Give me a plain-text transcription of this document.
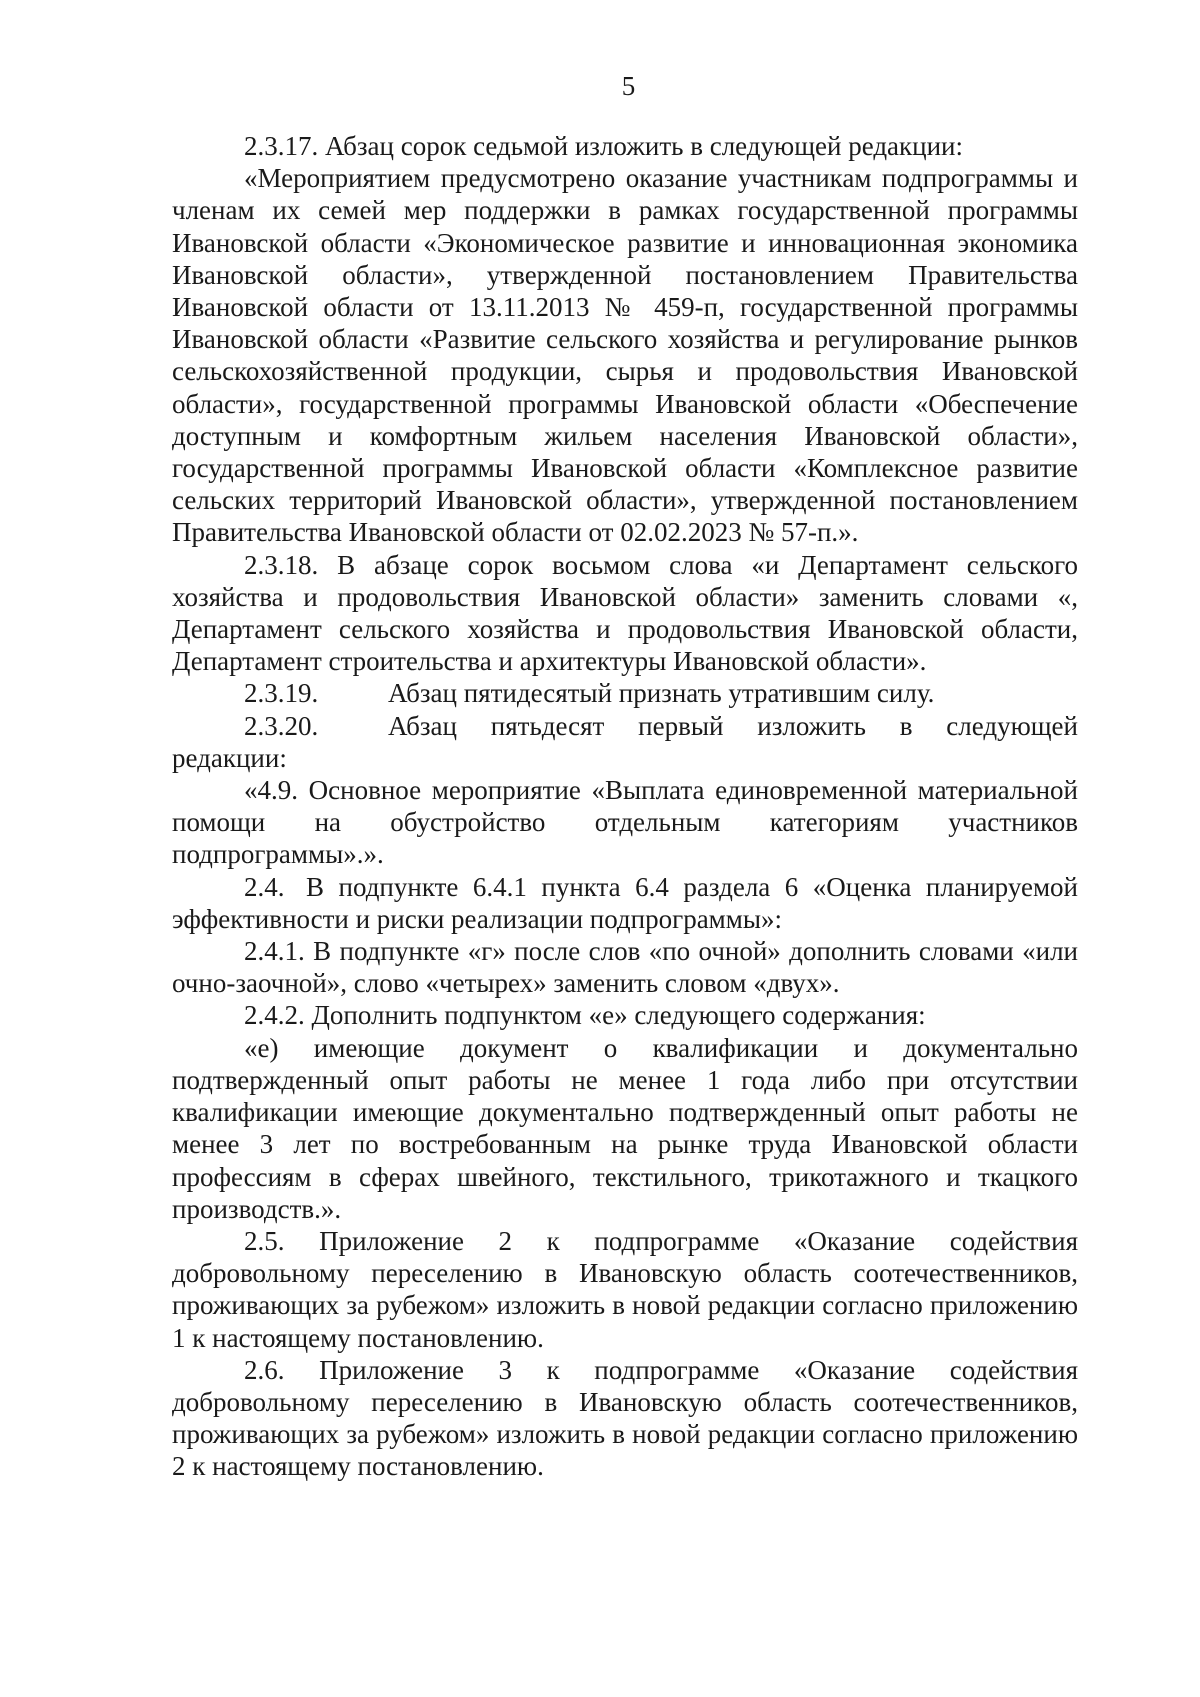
5

2.3.17. Абзац сорок седьмой изложить в следующей редакции:

«Мероприятием предусмотрено оказание участникам подпрограммы и членам их семей мер поддержки в рамках государственной программы Ивановской области «Экономическое развитие и инновационная экономика Ивановской области», утвержденной постановлением Правительства Ивановской области от 13.11.2013 № 459-п, государственной программы Ивановской области «Развитие сельского хозяйства и регулирование рынков сельскохозяйственной продукции, сырья и продовольствия Ивановской области», государственной программы Ивановской области «Обеспечение доступным и комфортным жильем населения Ивановской области», государственной программы Ивановской области «Комплексное развитие сельских территорий Ивановской области», утвержденной постановлением Правительства Ивановской области от 02.02.2023 № 57-п.».

2.3.18. В абзаце сорок восьмом слова «и Департамент сельского хозяйства и продовольствия Ивановской области» заменить словами «, Департамент сельского хозяйства и продовольствия Ивановской области, Департамент строительства и архитектуры Ивановской области».

2.3.19.	Абзац пятидесятый признать утратившим силу.
2.3.20.	Абзац пятьдесят первый изложить в следующей

редакции:

«4.9. Основное мероприятие «Выплата единовременной материальной помощи на обустройство отдельным категориям участников подпрограммы».».

2.4. В подпункте 6.4.1 пункта 6.4 раздела 6 «Оценка планируемой

эффективности и риски реализации подпрограммы»:

2.4.1. В подпункте «г» после слов «по очной» дополнить словами «или очно-заочной», слово «четырех» заменить словом «двух».

2.4.2. Дополнить подпунктом «е» следующего содержания:

«е) имеющие документ о квалификации и документально подтвержденный опыт работы не менее 1 года либо при отсутствии квалификации имеющие документально подтвержденный опыт работы не менее 3 лет по востребованным на рынке труда Ивановской области профессиям в сферах швейного, текстильного, трикотажного и ткацкого производств.».

2.5. Приложение 2 к подпрограмме «Оказание содействия добровольному переселению в Ивановскую область соотечественников, проживающих за рубежом» изложить в новой редакции согласно приложению 1 к настоящему постановлению.

2.6. Приложение 3 к подпрограмме «Оказание содействия добровольному переселению в Ивановскую область соотечественников, проживающих за рубежом» изложить в новой редакции согласно приложению 2 к настоящему постановлению.
